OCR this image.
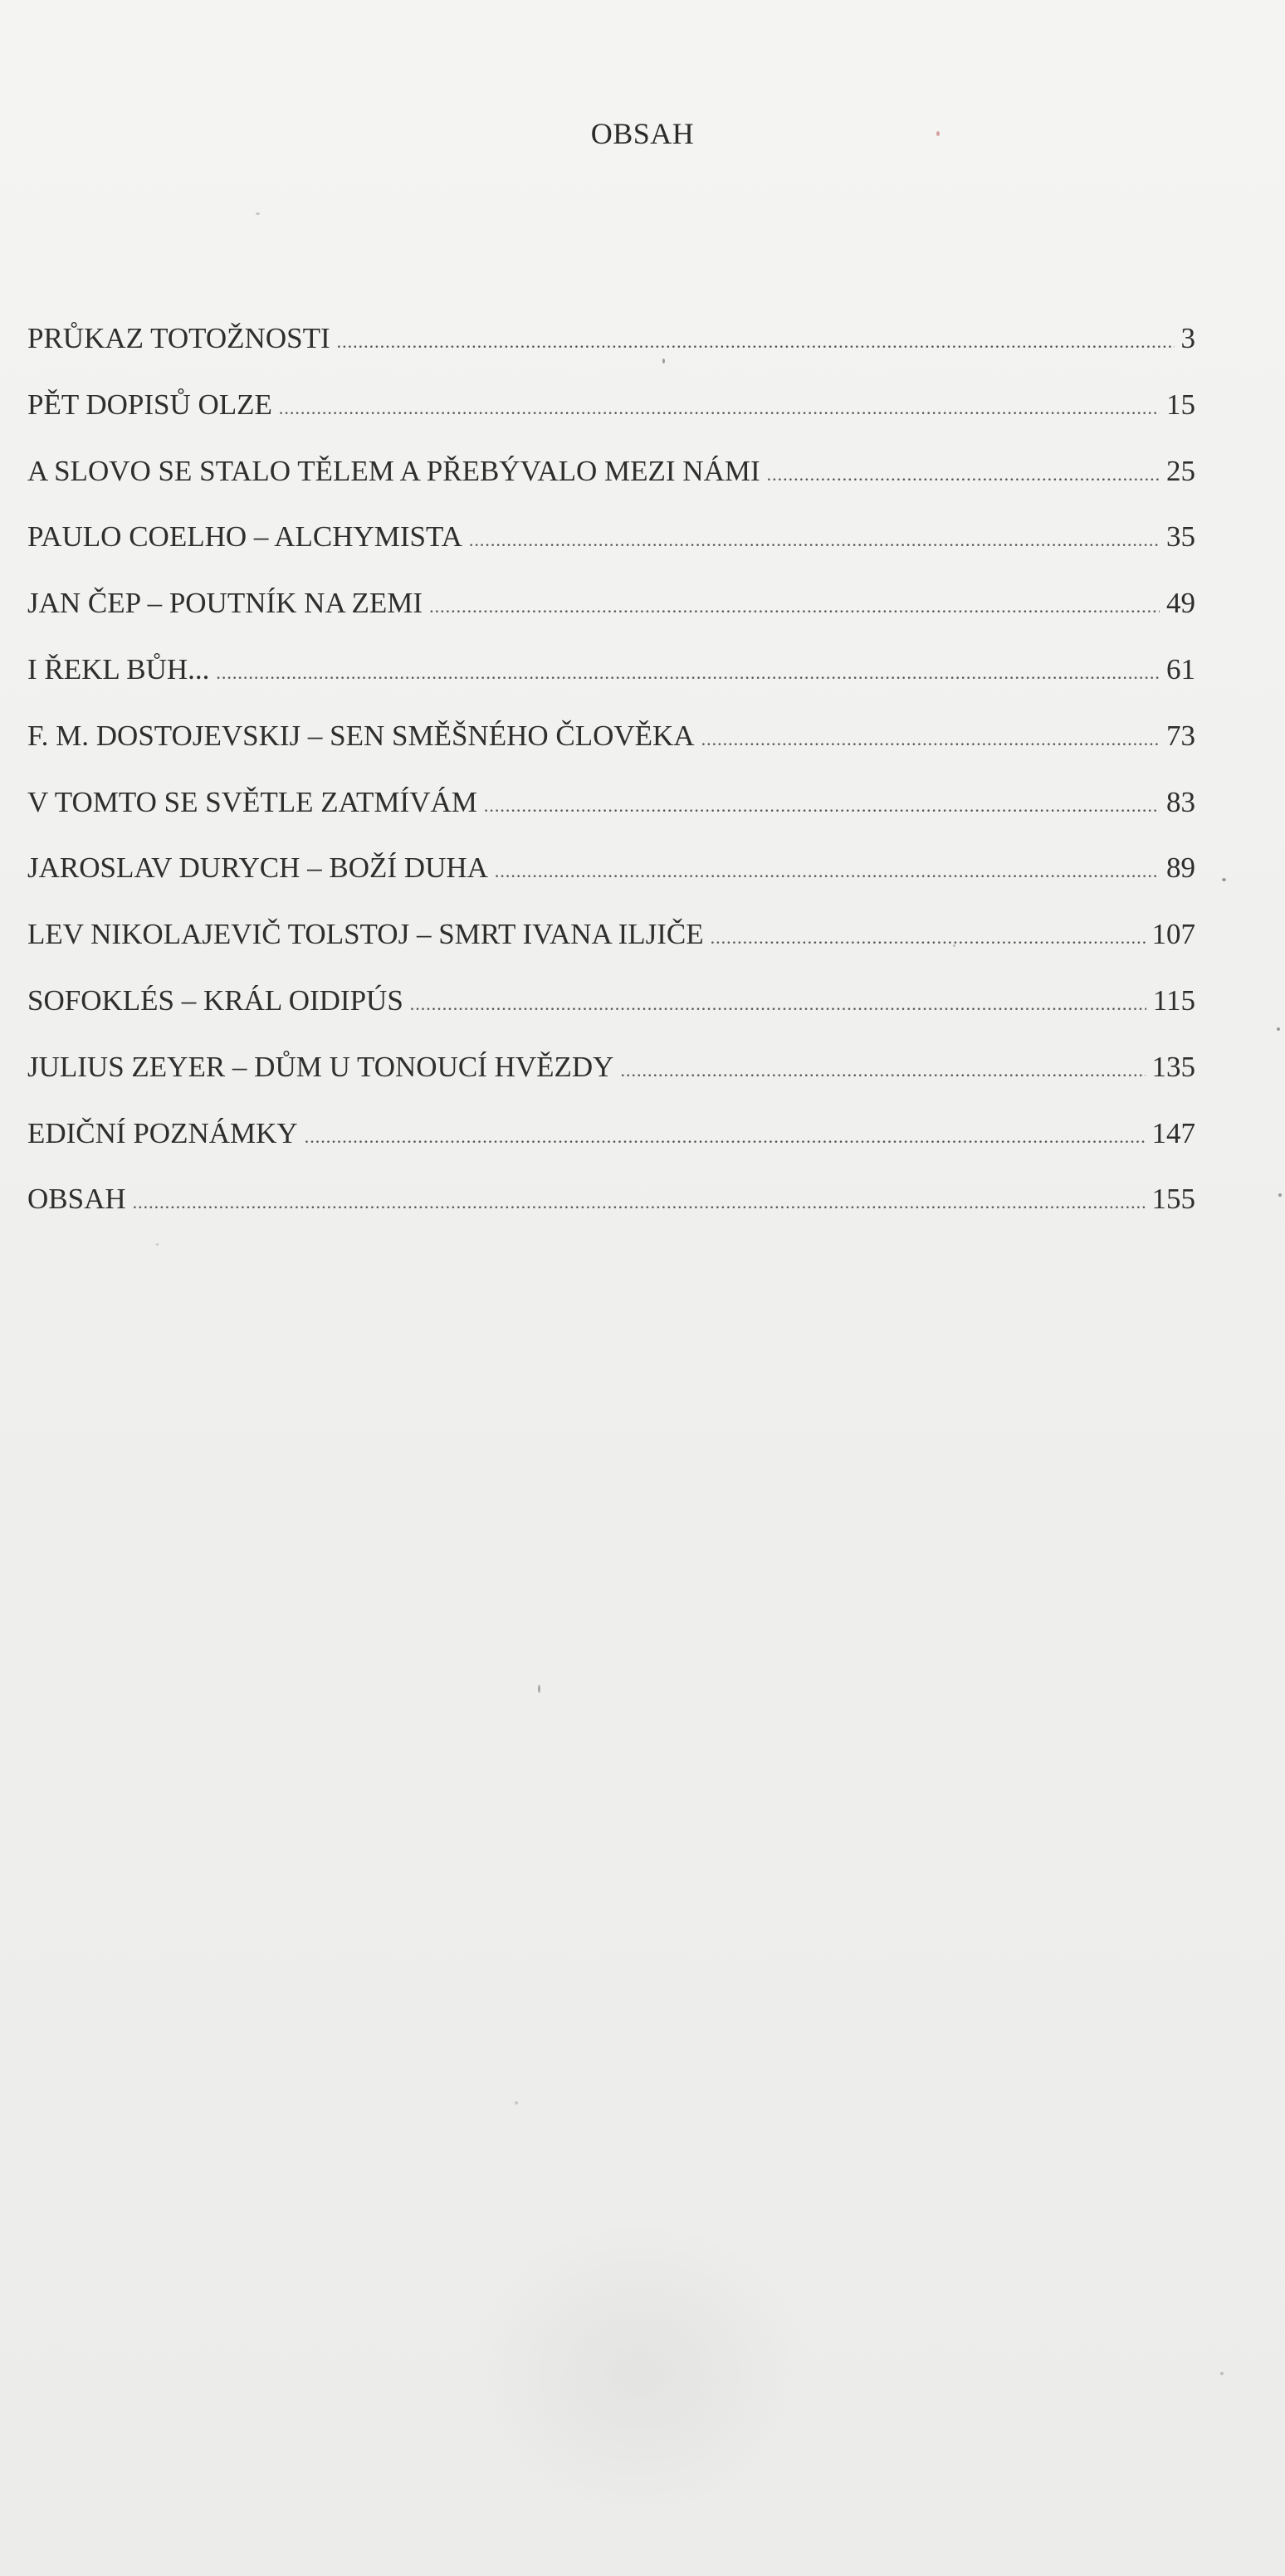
OBSAH
PRŮKAZ TOTOŽNOSTI .....	3
PĚT DOPISŮ OLZE .....	15
A SLOVO SE STALO TĚLEM A PŘEBÝVALO MEZI NÁMI .....	25
PAULO COELHO – ALCHYMISTA .....	35
JAN ČEP – POUTNÍK NA ZEMI .....	49
I ŘEKL BŮH... .....	61
F. M. DOSTOJEVSKIJ – SEN SMĚŠNÉHO ČLOVĚKA .....	73
V TOMTO SE SVĚTLE ZATMÍVÁM .....	83
JAROSLAV DURYCH – BOŽÍ DUHA .....	89
LEV NIKOLAJEVIČ TOLSTOJ – SMRT IVANA ILJIČE .....	107
SOFOKLÉS – KRÁL OIDIPÚS .....	115
JULIUS ZEYER – DŮM U TONOUCÍ HVĚZDY .....	135
EDIČNÍ POZNÁMKY .....	147
OBSAH .....	155
